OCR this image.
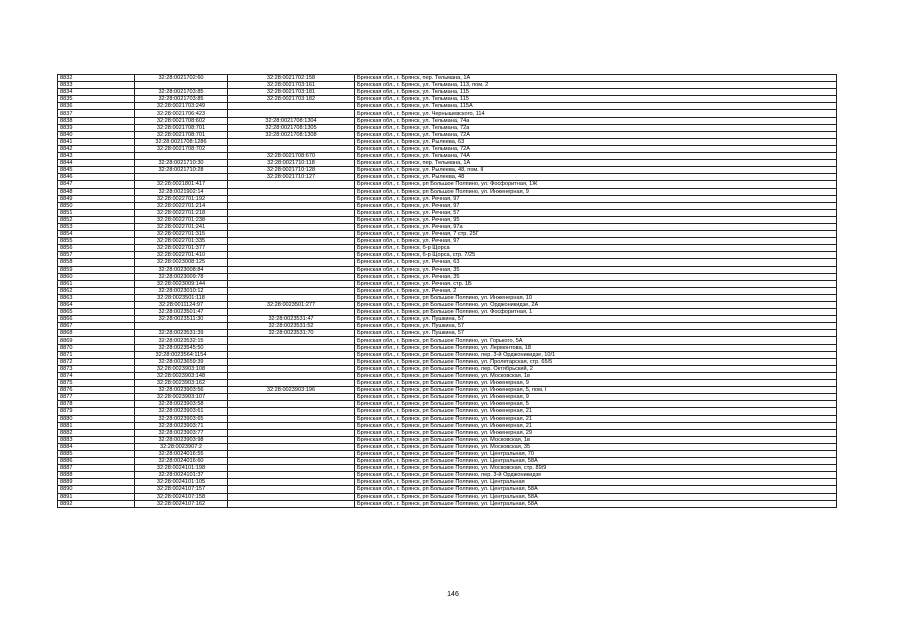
8832	32:28:0021702:60	32:28:0021702:158	Брянская обл., г. Брянск, пер. Тельмана, 1А
8833		32:28:0021703:161	Брянская обл., г. Брянск, ул. Тельмана, 113, пом. 2
8834	32:28:0021703:85	32:28:0021703:181	Брянская обл., г. Брянск, ул. Тельмана, 115
8835	32:28:0021703:85	32:28:0021703:182	Брянская обл., г. Брянск, ул. Тельмана, 115
8836	32:28:0021703:249		Брянская обл., г. Брянск, ул. Тельмана, 115А
8837	32:28:0021706:423		Брянская обл., г. Брянск, ул. Чернышевского, 114
8838	32:28:0021708:602	32:28:0021708:1304	Брянская обл., г. Брянск, ул. Тельмана, 74а
8839	32:28:0021708:701	32:28:0021708:1305	Брянская обл., г. Брянск, ул. Тельмана, 72а
8840	32:28:0021708:701	32:28:0021708:1308	Брянская обл., г. Брянск, ул. Тельмана, 72А
8841	32:28:0021708:1286		Брянская обл., г. Брянск, ул. Рылеева, 63
8842	32:28:0021708:702		Брянская обл., г. Брянск, ул. Тельмана, 72А
8843		32:28:0021708:670	Брянская обл., г. Брянск, ул. Тельмана, 74А
8844	32:28:0021710:30	32:28:0021710:118	Брянская обл., г. Брянск, пер. Тельмана, 1А
8845	32:28:0021710:28	32:28:0021710:128	Брянская обл., г. Брянск, ул. Рылеева, 48, пом. II
8846		32:28:0021710:127	Брянская обл., г. Брянск, ул. Рылеева, 48
8847	32:28:0021801:417		Брянская обл., г. Брянск, рп Большое Полпино, ул. Фосфоритная, 1Ж
8848	32:28:0021902:14		Брянская обл., г. Брянск, рп Большое Полпино, ул. Инженерная, 9
8849	32:28:0022701:192		Брянская обл., г. Брянск, ул. Речная, 97
8850	32:28:0022701:214		Брянская обл., г. Брянск, ул. Речная, 97
8851	32:28:0022701:218		Брянская обл., г. Брянск, ул. Речная, 57
8852	32:28:0022701:238		Брянская обл., г. Брянск, ул. Речная, 95
8853	32:28:0022701:241		Брянская обл., г. Брянск, ул. Речная, 97а
8854	32:28:0022701:315		Брянская обл., г. Брянск, ул. Речная, 7 стр. 25Г
8855	32:28:0022701:335		Брянская обл., г. Брянск, ул. Речная, 97
8856	32:28:0022701:377		Брянская обл., г. Брянск, б-р Щорса
8857	32:28:0022701:410		Брянская обл., г. Брянск, б-р Щорса, стр. 7/25
8858	32:28:0023008:125		Брянская обл., г. Брянск, ул. Речная, 63
8859	32:28:0023008:84		Брянская обл., г. Брянск, ул. Речная, 35
8860	32:28:0023009:78		Брянская обл., г. Брянск, ул. Речная, 35
8861	32:28:0023009:144		Брянская обл., г. Брянск, ул. Речная, стр. 1Б
8862	32:28:0023010:12		Брянская обл., г. Брянск, ул. Речная, 2
8863	32:28:0023501:118		Брянская обл., г. Брянск, рп Большое Полпино, ул. Инженерная, 10
8864	32:28:0011124:97	32:28:0023501:277	Брянская обл., г. Брянск, рп Большое Полпино, ул. Орджоникидзе, 2А
8865	32:28:0023501:47		Брянская обл., г. Брянск, рп Большое Полпино, ул. Фосфоритная, 1
8866	32:28:0023511:30	32:28:0023531:47	Брянская обл., г. Брянск, ул. Пушкина, 57
8867		32:28:0023531:52	Брянская обл., г. Брянск, ул. Пушкина, 57
8868	32:28:0023531:39	32:28:0023531:70	Брянская обл., г. Брянск, ул. Пушкина, 57
8869	32:28:0023532:15		Брянская обл., г. Брянск, рп Большое Полпино, ул. Горького, 5А
8870	32:28:0023545:50		Брянская обл., г. Брянск, рп Большое Полпино, ул. Лермонтова, 18
8871	32:28:0023564:1154		Брянская обл., г. Брянск, рп Большое Полпино, пер. 3-й Орджоникидзе, 10/1
8872	32:28:0023659:39		Брянская обл., г. Брянск, рп Большое Полпино, ул. Пролетарская, стр. 65/5
8873	32:28:0023903:108		Брянская обл., г. Брянск, рп Большое Полпино, пер. Октябрьский, 2
8874	32:28:0023903:148		Брянская обл., г. Брянск, рп Большое Полпино, ул. Московская, 1в
8875	32:28:0023903:162		Брянская обл., г. Брянск, рп Большое Полпино, ул. Инженерная, 9
8876	32:28:0023903:56	32:28:0023903:196	Брянская обл., г. Брянск, рп Большое Полпино, ул. Инженерная, 5, пом. I
8877	32:28:0023903:107		Брянская обл., г. Брянск, рп Большое Полпино, ул. Инженерная, 9
8878	32:28:0023903:58		Брянская обл., г. Брянск, рп Большое Полпино, ул. Инженерная, 5
8879	32:28:0023903:61		Брянская обл., г. Брянск, рп Большое Полпино, ул. Инженерная, 21
8880	32:28:0023903:65		Брянская обл., г. Брянск, рп Большое Полпино, ул. Инженерная, 21
8881	32:28:0023903:71		Брянская обл., г. Брянск, рп Большое Полпино, ул. Инженерная, 21
8882	32:28:0023903:77		Брянская обл., г. Брянск, рп Большое Полпино, ул. Инженерная, 29
8883	32:28:0023903:98		Брянская обл., г. Брянск, рп Большое Полпино, ул. Московская, 1в
8884	32:28:0023907:2		Брянская обл., г. Брянск, рп Большое Полпино, ул. Московская, 35
8885	32:28:0024016:55		Брянская обл., г. Брянск, рп Большое Полпино, ул. Центральная, 70
8886	32:28:0024016:60		Брянская обл., г. Брянск, рп Большое Полпино, ул. Центральная, 58А
8887	32:28:0024101:198		Брянская обл., г. Брянск, рп Большое Полпино, ул. Московская, стр. 89/9
8888	32:28:0024101:37		Брянская обл., г. Брянск, рп Большое Полпино, пер. 3-й Орджоникидзе
8889	32:28:0024101:105		Брянская обл., г. Брянск, рп Большое Полпино, ул. Центральная
8890	32:28:0024107:157		Брянская обл., г. Брянск, рп Большое Полпино, ул. Центральная, 58А
8891	32:28:0024107:158		Брянская обл., г. Брянск, рп Большое Полпино, ул. Центральная, 58А
8892	32:28:0024107:162		Брянская обл., г. Брянск, рп Большое Полпино, ул. Центральная, 58А
146
